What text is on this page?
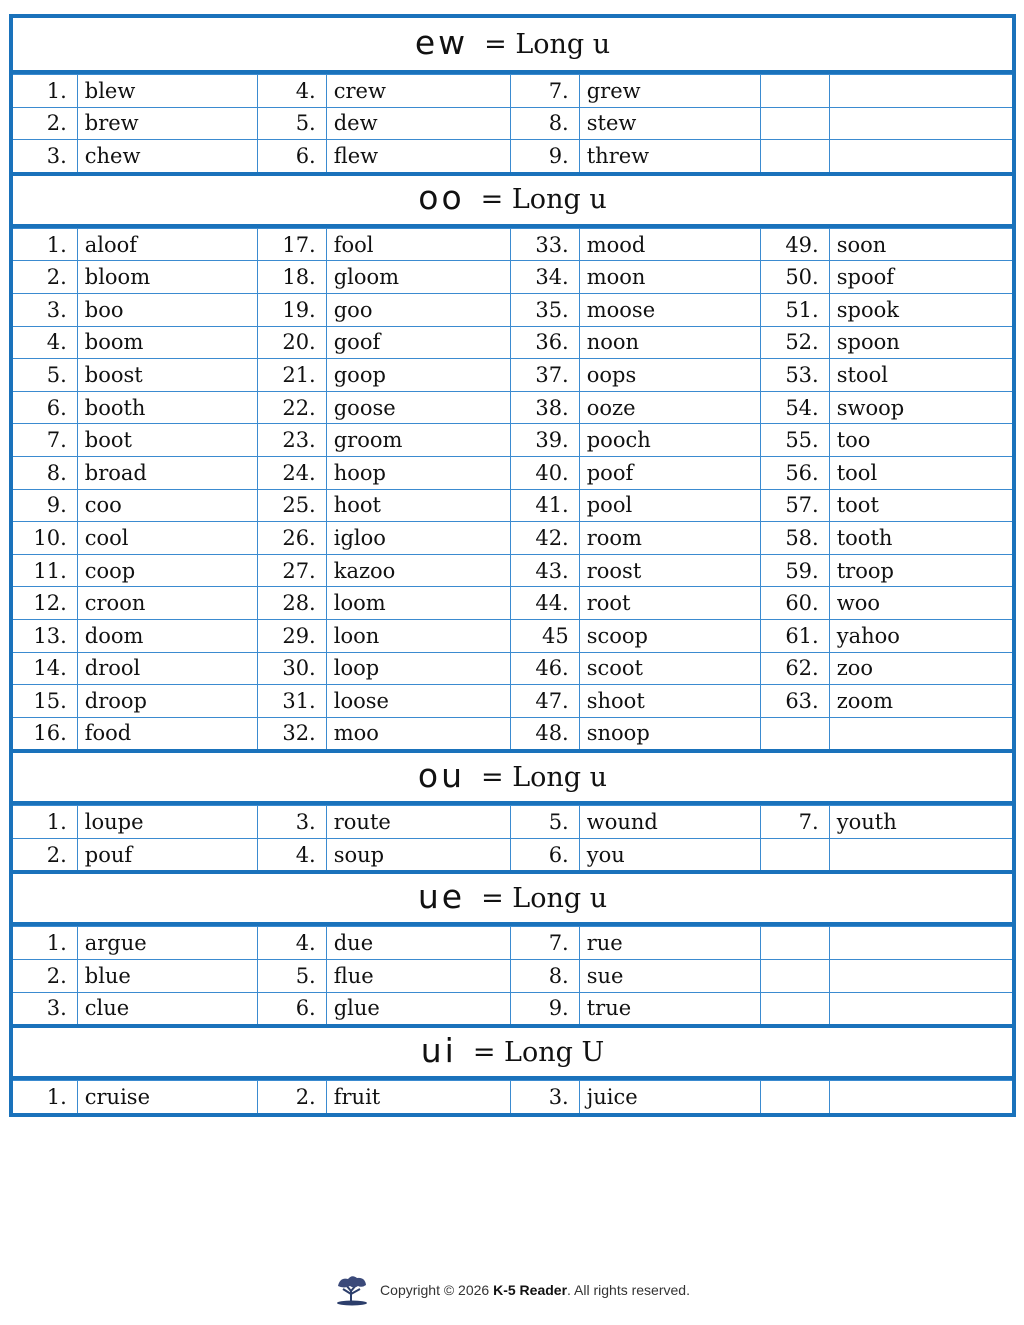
ew = Long u
1.	blew	4.	crew	7.	grew		
2.	brew	5.	dew	8.	stew		
3.	chew	6.	flew	9.	threw		
oo = Long u
1.	aloof	17.	fool	33.	mood	49.	soon
2.	bloom	18.	gloom	34.	moon	50.	spoof
3.	boo	19.	goo	35.	moose	51.	spook
4.	boom	20.	goof	36.	noon	52.	spoon
5.	boost	21.	goop	37.	oops	53.	stool
6.	booth	22.	goose	38.	ooze	54.	swoop
7.	boot	23.	groom	39.	pooch	55.	too
8.	broad	24.	hoop	40.	poof	56.	tool
9.	coo	25.	hoot	41.	pool	57.	toot
10.	cool	26.	igloo	42.	room	58.	tooth
11.	coop	27.	kazoo	43.	roost	59.	troop
12.	croon	28.	loom	44.	root	60.	woo
13.	doom	29.	loon	45	scoop	61.	yahoo
14.	drool	30.	loop	46.	scoot	62.	zoo
15.	droop	31.	loose	47.	shoot	63.	zoom
16.	food	32.	moo	48.	snoop		
ou = Long u
1.	loupe	3.	route	5.	wound	7.	youth
2.	pouf	4.	soup	6.	you		
ue = Long u
1.	argue	4.	due	7.	rue		
2.	blue	5.	flue	8.	sue		
3.	clue	6.	glue	9.	true		
ui = Long U
1.	cruise	2.	fruit	3.	juice		
Copyright © 2026
K-5 Reader . All rights reserved.
